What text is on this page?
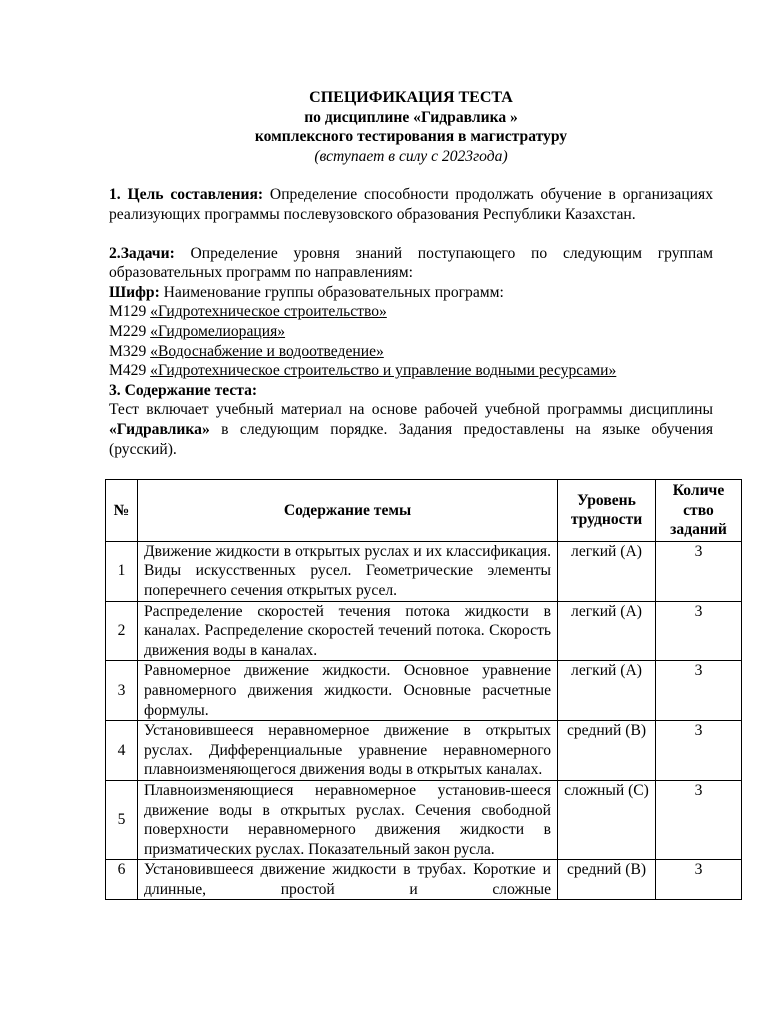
СПЕЦИФИКАЦИЯ ТЕСТА
по дисциплине «Гидравлика »
комплексного тестирования в магистратуру
(вступает в силу с 2023года)
1. Цель составления: Определение способности продолжать обучение в организациях реализующих программы послевузовского образования Республики Казахстан.
2.Задачи: Определение уровня знаний поступающего по следующим группам образовательных программ по направлениям:
Шифр: Наименование группы образовательных программ:
М129 «Гидротехническое строительство»
М229 «Гидромелиорация»
М329 «Водоснабжение и водоотведение»
М429 «Гидротехническое строительство и управление водными ресурсами»
3. Содержание теста:
Тест включает учебный материал на основе рабочей учебной программы дисциплины «Гидравлика» в следующим порядке. Задания предоставлены на языке обучения (русский).
№	Содержание темы	Уровень трудности	Количе ство заданий
1	Движение жидкости в открытых руслах и их классификация. Виды искусственных русел. Геометрические элементы поперечнего сечения открытых русел.	легкий (А)	3
2	Распределение скоростей течения потока жидкости в каналах. Распределение скоростей течений потока. Скорость движения воды в каналах.	легкий (А)	3
3	Равномерное движение жидкости. Основное уравнение равномерного движения жидкости. Основные расчетные формулы.	легкий (А)	3
4	Установившееся неравномерное движение в открытых руслах. Дифференциальные уравнение неравномерного плавноизменяющегося движения воды в открытых каналах.	средний (В)	3
5	Плавноизменяющиеся неравномерное установив-шееся движение воды в открытых руслах. Сечения свободной поверхности неравномерного движения жидкости в призматических руслах. Показательный закон русла.	сложный (С)	3
6	Установившееся движение жидкости в трубах. Короткие и длинные, простой и сложные	средний (В)	3
